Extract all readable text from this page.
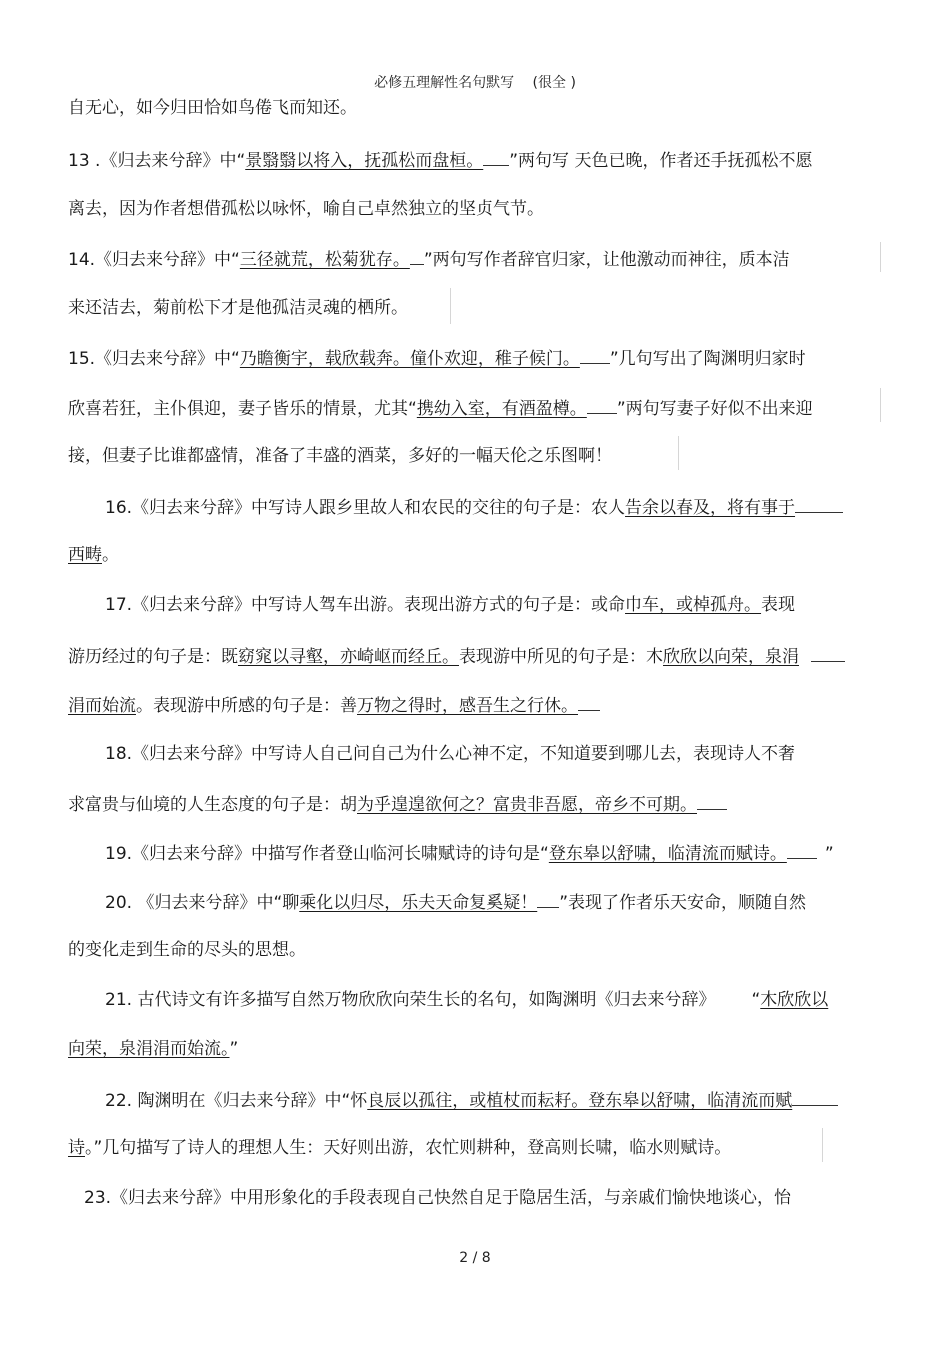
必修五理解性名句默写 (很全 )
自无心，如今归田恰如鸟倦飞而知还。
13 .《归去来兮辞》中“景翳翳以将入，抚孤松而盘桓。 ”两句写 天色已晚，作者还手抚孤松不愿
离去，因为作者想借孤松以咏怀，喻自己卓然独立的坚贞气节。
14.《归去来兮辞》中“三径就荒，松菊犹存。 ”两句写作者辞官归家，让他激动而神往，质本洁
来还洁去，菊前松下才是他孤洁灵魂的栖所。
15.《归去来兮辞》中“乃瞻衡宇，载欣载奔。僮仆欢迎，稚子候门。 ”几句写出了陶渊明归家时
欣喜若狂，主仆俱迎，妻子皆乐的情景，尤其“携幼入室，有酒盈樽。 ”两句写妻子好似不出来迎
接，但妻子比谁都盛情，准备了丰盛的酒菜，多好的一幅天伦之乐图啊！
16.《归去来兮辞》中写诗人跟乡里故人和农民的交往的句子是：农人告余以春及，将有事于
西畴。
17.《归去来兮辞》中写诗人驾车出游。表现出游方式的句子是：或命巾车，或棹孤舟。表现
游历经过的句子是：既窈窕以寻壑，亦崎岖而经丘。表现游中所见的句子是：木欣欣以向荣，泉涓
涓而始流。表现游中所感的句子是：善万物之得时，感吾生之行休。
18.《归去来兮辞》中写诗人自己问自己为什么心神不定，不知道要到哪儿去，表现诗人不奢
求富贵与仙境的人生态度的句子是：胡为乎遑遑欲何之？富贵非吾愿，帝乡不可期。
19.《归去来兮辞》中描写作者登山临河长啸赋诗的诗句是“登东皋以舒啸，临清流而赋诗。 ”
20. 《归去来兮辞》中“聊乘化以归尽，乐夫天命复奚疑！ ”表现了作者乐天安命，顺随自然
的变化走到生命的尽头的思想。
21. 古代诗文有许多描写自然万物欣欣向荣生长的名句，如陶渊明《归去来兮辞》 “木欣欣以
向荣，泉涓涓而始流。”
22. 陶渊明在《归去来兮辞》中“怀良辰以孤往，或植杖而耘耔。登东皋以舒啸，临清流而赋
诗。”几句描写了诗人的理想人生：天好则出游，农忙则耕种，登高则长啸，临水则赋诗。
23.《归去来兮辞》中用形象化的手段表现自己快然自足于隐居生活，与亲戚们愉快地谈心，怡
2 / 8
